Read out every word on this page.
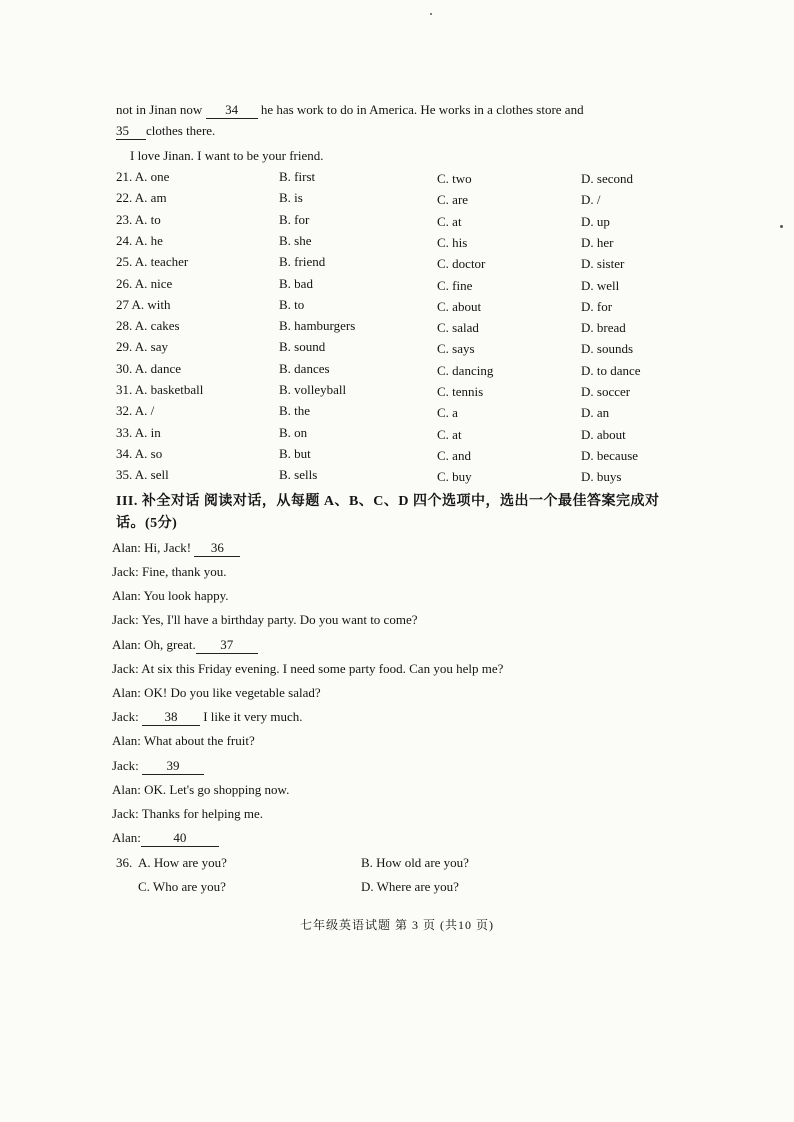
not in Jinan now 34 he has work to do in America. He works in a clothes store and
35 clothes there.
I love Jinan. I want to be your friend.
21. A. one	B. first	C. two	D. second
22. A. am	B. is	C. are	D. /
23. A. to	B. for	C. at	D. up
24. A. he	B. she	C. his	D. her
25. A. teacher	B. friend	C. doctor	D. sister
26. A. nice	B. bad	C. fine	D. well
27 A. with	B. to	C. about	D. for
28. A. cakes	B. hamburgers	C. salad	D. bread
29. A. say	B. sound	C. says	D. sounds
30. A. dance	B. dances	C. dancing	D. to dance
31. A. basketball	B. volleyball	C. tennis	D. soccer
32. A. /	B. the	C. a	D. an
33. A. in	B. on	C. at	D. about
34. A. so	B. but	C. and	D. because
35. A. sell	B. sells	C. buy	D. buys
III. 补全对话 阅读对话，从每题 A、B、C、D 四个选项中，选出一个最佳答案完成对
话。(5分)
Alan: Hi, Jack! 36
Jack: Fine, thank you.
Alan: You look happy.
Jack: Yes, I'll have a birthday party. Do you want to come?
Alan: Oh, great. 37
Jack: At six this Friday evening. I need some party food. Can you help me?
Alan: OK! Do you like vegetable salad?
Jack: 38 I like it very much.
Alan: What about the fruit?
Jack: 39
Alan: OK. Let's go shopping now.
Jack: Thanks for helping me.
Alan:	40
36.  A. How are you?	B. How old are you?
C. Who are you?	D. Where are you?
七年级英语试题 第 3 页 (共10 页)
